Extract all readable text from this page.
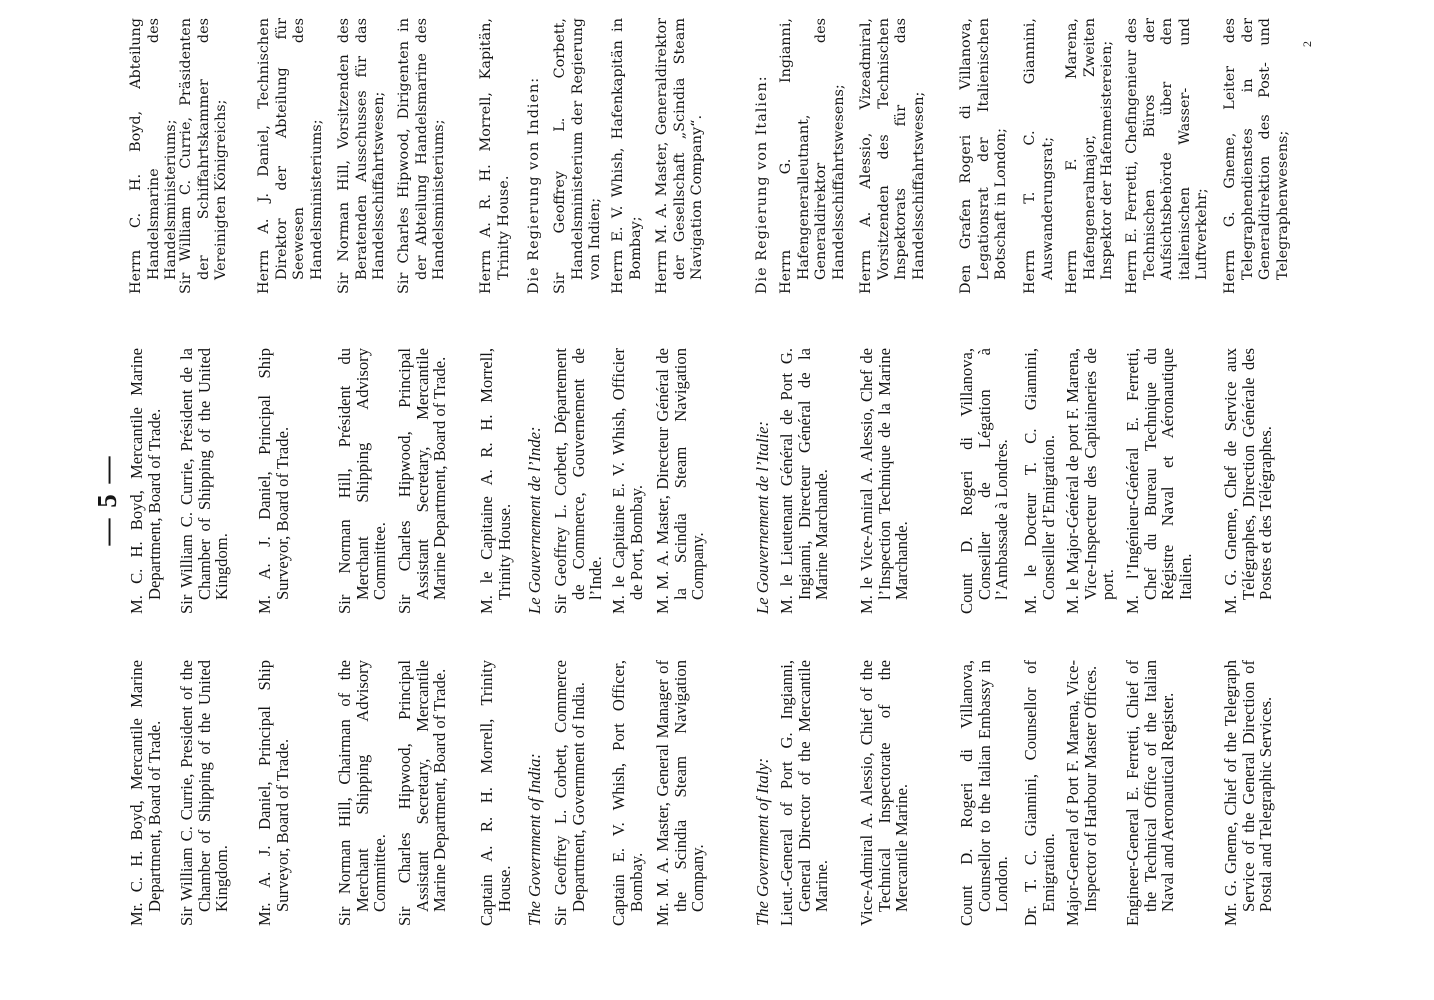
— 5 —

Mr. C. H. Boyd, Mercantile Marine Department, Board of Trade. Sir William C. Currie, President of the Chamber of Shipping of the United Kingdom. Mr. A. J. Daniel, Principal Ship Surveyor, Board of Trade.	Sir Norman Hill, Chairman of the Merchant Shipping Advisory Committee. Sir Charles Hipwood, Principal Assistant Secretary, Mercantile Marine Department, Board of Trade. Captain A. R. H. Morrell, Trinity House. The Government of India: Sir Geoffrey L. Corbett, Commerce Department, Government of India. Captain E. V. Whish, Port Officer, Bombay. Mr. M. A. Master, General Manager of the Scindia Steam Navigation Company.	The Government of Italy: Lieut.-General of Port G. Ingianni, General Director of the Mercantile Marine. Vice-Admiral A. Alessio, Chief of the Technical Inspectorate of the Mercantile Marine.	Count D. Rogeri di Villanova, Counsellor to the Italian Embassy in London. Dr. T. C. Giannini, Counsellor of Emigration. Major-General of Port F. Marena, Vice-Inspector of Harbour Master Offices. Engineer-General E. Ferretti, Chief of the Technical Office of the Italian Naval and Aeronautical Register.	Mr. G. Gneme, Chief of the Telegraph Service of the General Direction of Postal and Telegraphic Services.

M. C. H. Boyd, Mercantile Marine Department, Board of Trade. Sir William C. Currie, Président de la Chamber of Shipping of the United Kingdom. M. A. J. Daniel, Principal Ship Surveyor, Board of Trade.	Sir Norman Hill, Président du Merchant Shipping Advisory Committee. Sir Charles Hipwood, Principal Assistant Secretary, Mercantile Marine Department, Board of Trade. M. le Capitaine A. R. H. Morrell, Trinity House. Le Gouvernement de l’Inde: Sir Geoffrey L. Corbett, Département de Commerce, Gouvernement de l’Inde. M. le Capitaine E. V. Whish, Officier de Port, Bombay. M. M. A. Master, Directeur Général de la Scindia Steam Navigation Company.	Le Gouvernement de l’Italie: M. le Lieutenant Général de Port G. Ingianni, Directeur Général de la Marine Marchande. M. le Vice-Amiral A. Alessio, Chef de l’Inspection Technique de la Marine Marchande.	Count D. Rogeri di Villanova, Conseiller de Légation à l’Ambassade à Londres. M. le Docteur T. C. Giannini, Conseiller d’Emigration. M. le Major-Général de port F. Marena, Vice-Inspecteur des Capitaineries de port. M. l’Ingénieur-Général E. Ferretti, Chef du Bureau Technique du Régistre Naval et Aéronautique Italien. M. G. Gneme, Chef de Service aux Télégraphes, Direction Générale des Postes et des Télégraphes.

Herrn C. H. Boyd, Abteilung Handelsmarine des Handelsministeriums;

Sir William C. Currie, Präsidenten der Schiffahrtskammer des Vereinigten Königreichs; Herrn A. J. Daniel, Technischen Direktor der Abteilung für Seewesen des Handelsministeriums; Sir Norman Hill, Vorsitzenden des Beratenden Ausschusses für das Handelsschiffahrtswesen; Sir Charles Hipwood, Dirigenten in der Abteilung Handelsmarine des Handelsministeriums; Herrn A. R. H. Morrell, Kapitän, Trinity House. Die Regierung von Indien: Sir Geoffrey L. Corbett, Handelsministerium der Regierung von Indien; Herrn E. V. Whish, Hafenkapitän in Bombay; Herrn M. A. Master, Generaldirektor der Gesellschaft „Scindia Steam Navigation Company“.	Die Regierung von Italien: Herrn G. Ingianni, Hafengeneralleutnant, Generaldirektor des Handelsschiffahrtswesens; Herrn A. Alessio, Vizeadmiral, Vorsitzenden des Technischen Inspektorats für das Handelsschiffahrtswesen; Den Grafen Rogeri di Villanova, Legationsrat der Italienischen Botschaft in London; Herrn T. C. Giannini, Auswanderungsrat; Herrn F. Marena, Hafengeneralmajor, Zweiten Inspektor der Hafenmeistereien; Herrn E. Ferretti, Chefingenieur des Technischen Büros der Aufsichtsbehörde über den italienischen Wasser- und Luftverkehr; Herrn G. Gneme, Leiter des Telegraphendienstes in der Generaldirektion des Post- und Telegraphenwesens;

2
